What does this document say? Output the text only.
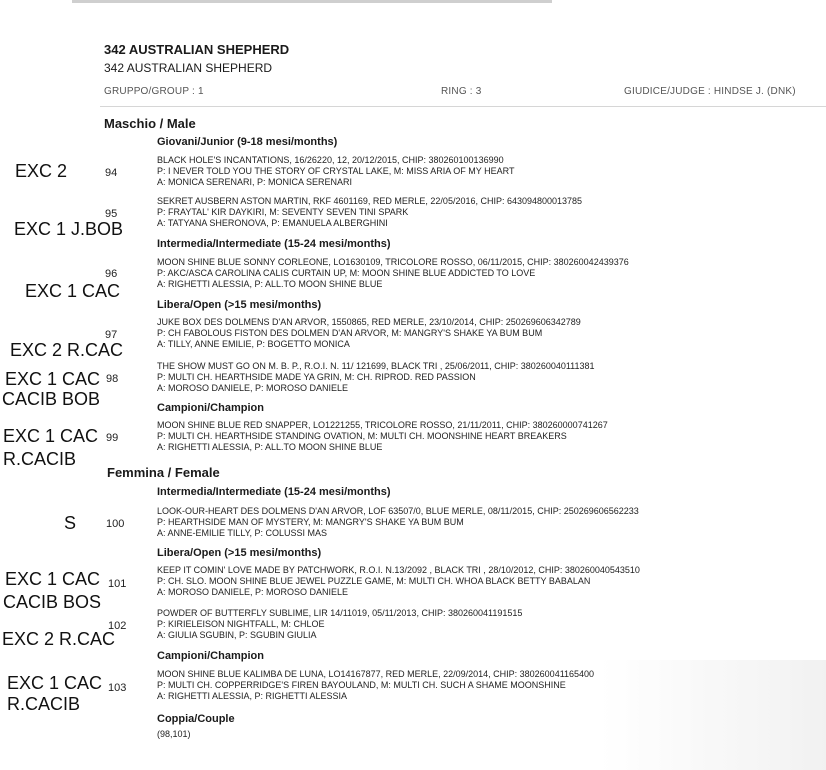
342 AUSTRALIAN SHEPHERD
342 AUSTRALIAN SHEPHERD
GRUPPO/GROUP : 1	RING : 3	GIUDICE/JUDGE : HINDSE J. (DNK)
Maschio / Male
Giovani/Junior (9-18 mesi/months)
EXC 2	94
BLACK HOLE'S INCANTATIONS, 16/26220, 12, 20/12/2015, CHIP: 380260100136990
P: I NEVER TOLD YOU THE STORY OF CRYSTAL LAKE, M: MISS ARIA OF MY HEART
A: MONICA SERENARI, P: MONICA SERENARI
95
EXC 1 J.BOB
SEKRET AUSBERN ASTON MARTIN, RKF 4601169, RED MERLE, 22/05/2016, CHIP: 643094800013785
P: FRAYTAL' KIR DAYKIRI, M: SEVENTY SEVEN TINI SPARK
A: TATYANA SHERONOVA, P: EMANUELA ALBERGHINI
Intermedia/Intermediate (15-24 mesi/months)
96
EXC 1 CAC
MOON SHINE BLUE SONNY CORLEONE, LO1630109, TRICOLORE ROSSO, 06/11/2015, CHIP: 380260042439376
P: AKC/ASCA CAROLINA CALIS CURTAIN UP, M: MOON SHINE BLUE ADDICTED TO LOVE
A: RIGHETTI ALESSIA, P: ALL.TO MOON SHINE BLUE
Libera/Open (>15 mesi/months)
97
EXC 2 R.CAC
JUKE BOX DES DOLMENS D'AN ARVOR, 1550865, RED MERLE, 23/10/2014, CHIP: 250269606342789
P: CH FABOLOUS FISTON DES DOLMEN D'AN ARVOR, M: MANGRY'S SHAKE YA BUM BUM
A: TILLY, ANNE EMILIE, P: BOGETTO MONICA
EXC 1 CAC 98
CACIB BOB
THE SHOW MUST GO ON M. B. P., R.O.I. N. 11/ 121699, BLACK TRI , 25/06/2011, CHIP: 380260040111381
P: MULTI CH. HEARTHSIDE MADE YA GRIN, M: CH. RIPROD. RED PASSION
A: MOROSO DANIELE, P: MOROSO DANIELE
Campioni/Champion
EXC 1 CAC 99
R.CACIB
MOON SHINE BLUE RED SNAPPER, LO1221255, TRICOLORE ROSSO, 21/11/2011, CHIP: 380260000741267
P: MULTI CH. HEARTHSIDE STANDING OVATION, M: MULTI CH. MOONSHINE HEART BREAKERS
A: RIGHETTI ALESSIA, P: ALL.TO MOON SHINE BLUE
Femmina / Female
Intermedia/Intermediate (15-24 mesi/months)
S	100
LOOK-OUR-HEART DES DOLMENS D'AN ARVOR, LOF 63507/0, BLUE MERLE, 08/11/2015, CHIP: 250269606562233
P: HEARTHSIDE MAN OF MYSTERY, M: MANGRY'S SHAKE YA BUM BUM
A: ANNE-EMILIE TILLY, P: COLUSSI MAS
Libera/Open (>15 mesi/months)
EXC 1 CAC 101
CACIB BOS
KEEP IT COMIN' LOVE MADE BY PATCHWORK, R.O.I. N.13/2092 , BLACK TRI , 28/10/2012, CHIP: 380260040543510
P: CH. SLO. MOON SHINE BLUE JEWEL PUZZLE GAME, M: MULTI CH. WHOA BLACK BETTY BABALAN
A: MOROSO DANIELE, P: MOROSO DANIELE
102
EXC 2 R.CAC
POWDER OF BUTTERFLY SUBLIME, LIR 14/11019, 05/11/2013, CHIP: 380260041191515
P: KIRIELEISON NIGHTFALL, M: CHLOE
A: GIULIA SGUBIN, P: SGUBIN GIULIA
Campioni/Champion
EXC 1 CAC 103
R.CACIB
MOON SHINE BLUE KALIMBA DE LUNA, LO14167877, RED MERLE, 22/09/2014, CHIP: 380260041165400
P: MULTI CH. COPPERRIDGE'S FIREN BAYOULAND, M: MULTI CH. SUCH A SHAME MOONSHINE
A: RIGHETTI ALESSIA, P: RIGHETTI ALESSIA
Coppia/Couple
(98,101)
